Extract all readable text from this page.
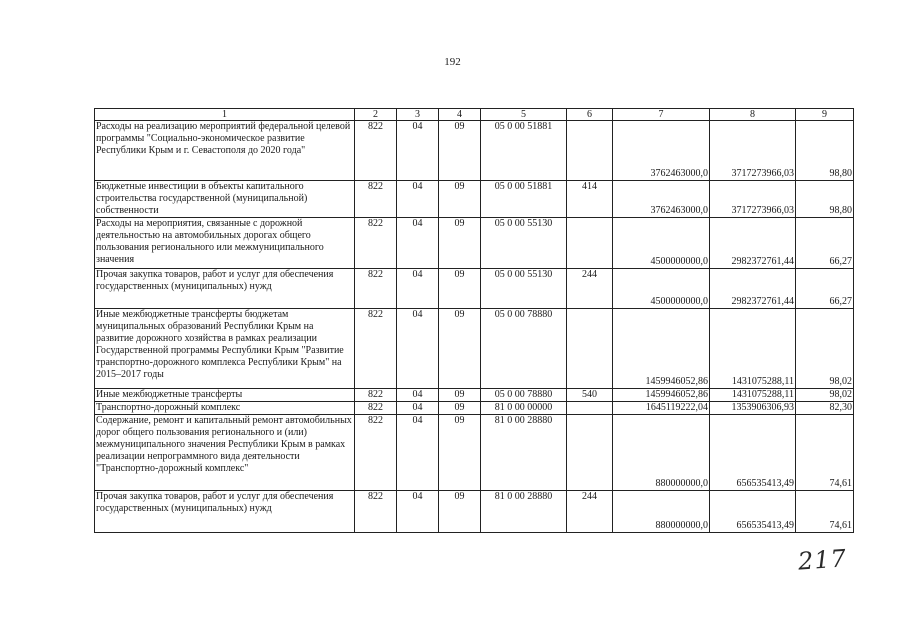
192
1	2	3	4	5	6	7	8	9
Расходы на реализацию мероприятий федеральной целевой программы "Социально-экономическое развитие Республики Крым и г. Севастополя до 2020 года"	822	04	09	05 0 00 51881		3762463000,0	3717273966,03	98,80
Бюджетные инвестиции в объекты капитального строительства государственной (муниципальной) собственности	822	04	09	05 0 00 51881	414	3762463000,0	3717273966,03	98,80
Расходы на мероприятия, связанные с дорожной деятельностью на автомобильных дорогах общего пользования регионального или межмуниципального значения	822	04	09	05 0 00 55130		4500000000,0	2982372761,44	66,27
Прочая закупка товаров, работ и услуг для обеспечения государственных (муниципальных) нужд	822	04	09	05 0 00 55130	244	4500000000,0	2982372761,44	66,27
Иные межбюджетные трансферты бюджетам муниципальных образований Республики Крым на развитие дорожного хозяйства в рамках реализации Государственной программы Республики Крым "Развитие транспортно-дорожного комплекса Республики Крым" на 2015–2017 годы	822	04	09	05 0 00 78880		1459946052,86	1431075288,11	98,02
Иные межбюджетные трансферты	822	04	09	05 0 00 78880	540	1459946052,86	1431075288,11	98,02
Транспортно-дорожный комплекс	822	04	09	81 0 00 00000		1645119222,04	1353906306,93	82,30
Содержание, ремонт и капитальный ремонт автомобильных дорог общего пользования регионального и (или) межмуниципального значения Республики Крым в рамках реализации непрограммного вида деятельности "Транспортно-дорожный комплекс"	822	04	09	81 0 00 28880		880000000,0	656535413,49	74,61
Прочая закупка товаров, работ и услуг для обеспечения государственных (муниципальных) нужд	822	04	09	81 0 00 28880	244	880000000,0	656535413,49	74,61
217
